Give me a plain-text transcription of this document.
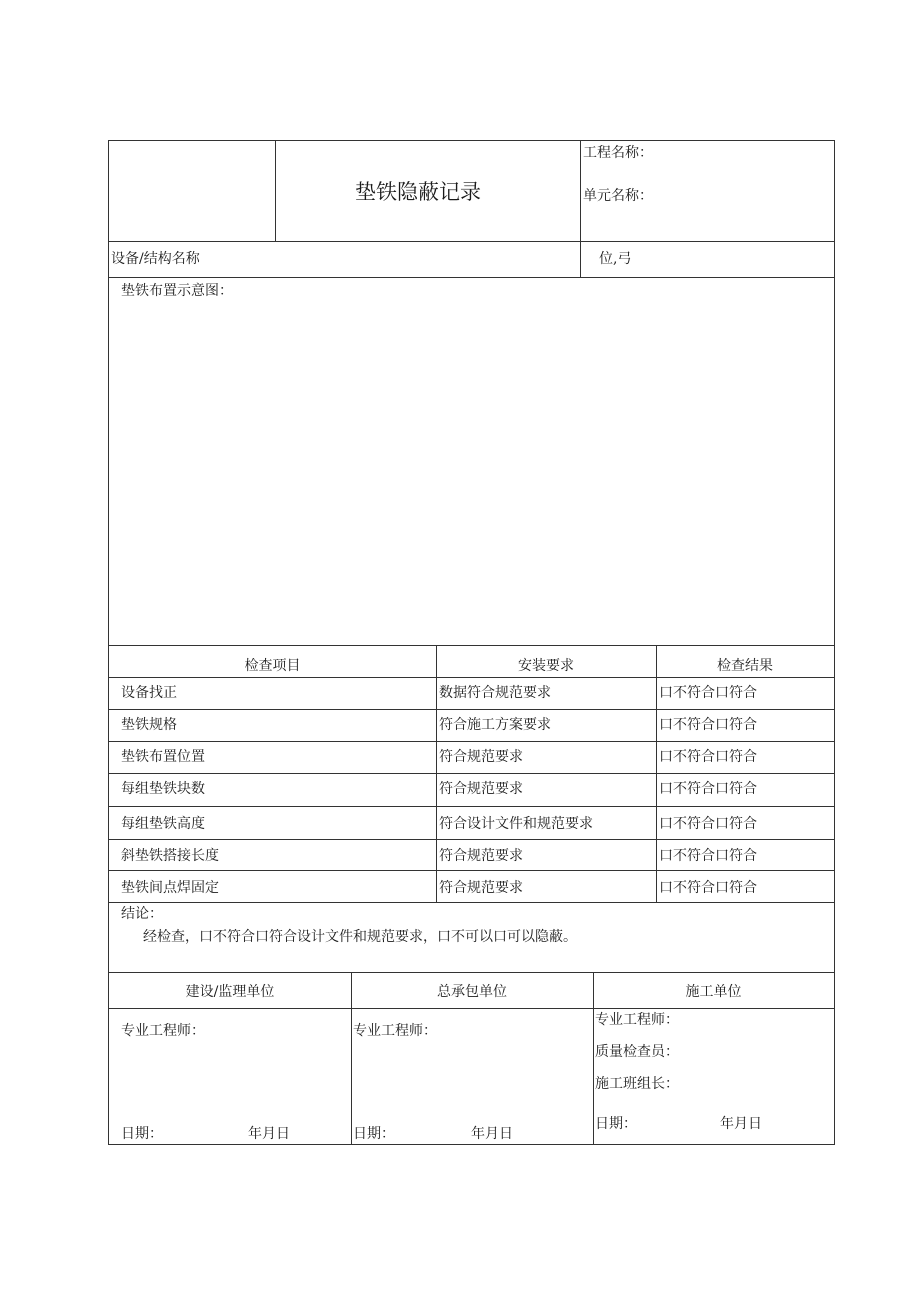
垫铁隐蔽记录
工程名称：
单元名称：
设备/结构名称	位,弓
垫铁布置示意图：
检查项目	安装要求	检查结果
设备找正	数据符合规范要求	口不符合口符合
垫铁规格	符合施工方案要求	口不符合口符合
垫铁布置位置	符合规范要求	口不符合口符合
每组垫铁块数	符合规范要求	口不符合口符合
每组垫铁高度	符合设计文件和规范要求	口不符合口符合
斜垫铁搭接长度	符合规范要求	口不符合口符合
垫铁间点焊固定	符合规范要求	口不符合口符合
结论：
经检查，口不符合口符合设计文件和规范要求，口不可以口可以隐蔽。
建设/监理单位	总承包单位	施工单位
专业工程师：
日期：	年月日
专业工程师：
日期：	年月日
专业工程师：
质量检查员：
施工班组长：
日期：	年月日
